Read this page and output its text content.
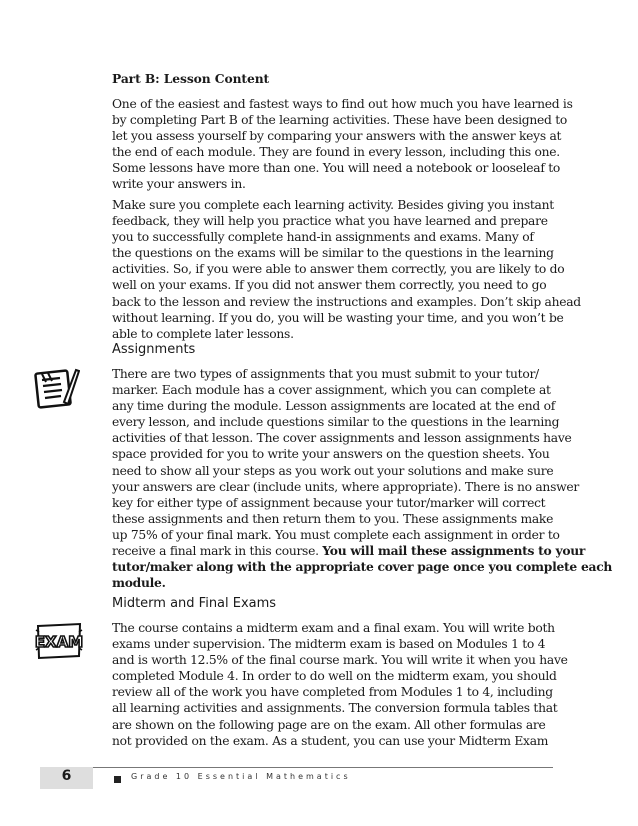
Part B: Lesson Content
One of the easiest and fastest ways to find out how much you have learned is
by completing Part B of the learning activities. These have been designed to
let you assess yourself by comparing your answers with the answer keys at
the end of each module. They are found in every lesson, including this one.
Some lessons have more than one. You will need a notebook or looseleaf to
write your answers in.
Make sure you complete each learning activity. Besides giving you instant
feedback, they will help you practice what you have learned and prepare
you to successfully complete hand-in assignments and exams. Many of
the questions on the exams will be similar to the questions in the learning
activities. So, if you were able to answer them correctly, you are likely to do
well on your exams. If you did not answer them correctly, you need to go
back to the lesson and review the instructions and examples. Don’t skip ahead
without learning. If you do, you will be wasting your time, and you won’t be
able to complete later lessons.
Assignments
There are two types of assignments that you must submit to your tutor/
marker. Each module has a cover assignment, which you can complete at
any time during the module. Lesson assignments are located at the end of
every lesson, and include questions similar to the questions in the learning
activities of that lesson. The cover assignments and lesson assignments have
space provided for you to write your answers on the question sheets. You
need to show all your steps as you work out your solutions and make sure
your answers are clear (include units, where appropriate). There is no answer
key for either type of assignment because your tutor/marker will correct
these assignments and then return them to you. These assignments make
up 75% of your final mark. You must complete each assignment in order to
receive a final mark in this course. You will mail these assignments to your
tutor/maker along with the appropriate cover page once you complete each
module.
Midterm and Final Exams
EXAM
The course contains a midterm exam and a final exam. You will write both
exams under supervision. The midterm exam is based on Modules 1 to 4
and is worth 12.5% of the final course mark. You will write it when you have
completed Module 4. In order to do well on the midterm exam, you should
review all of the work you have completed from Modules 1 to 4, including
all learning activities and assignments. The conversion formula tables that
are shown on the following page are on the exam. All other formulas are
not provided on the exam. As a student, you can use your Midterm Exam
6	Grade 10 Essential Mathematics
